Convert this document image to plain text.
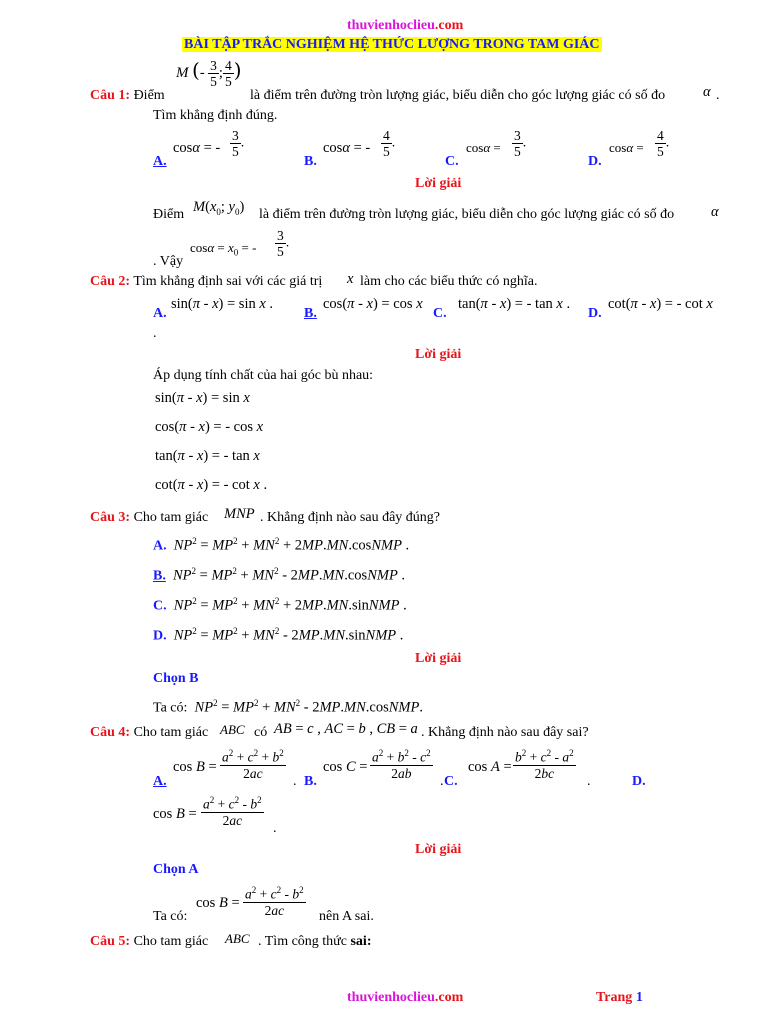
thuvienhoclieu.com
BÀI TẬP TRẮC NGHIỆM HỆ THỨC LƯỢNG TRONG TAM GIÁC
M (- $\frac{3}{5}$ ; $\frac{4}{5}$ )
Câu 1: Điểm	là điểm trên đường tròn lượng giác, biểu diễn cho góc lượng giác có số đo	α .
Tìm khẳng định đúng.
A.
cosα = - $\frac{3}{5}$ .
B.
cosα = - $\frac{4}{5}$ .
C.
$\cos\alpha = \frac{3}{5}$ .
D.
$\cos\alpha = \frac{4}{5}$ .
Lời giải
Điểm $M(x_0$; $y_0$) là điểm trên đường tròn lượng giác, biểu diễn cho góc lượng giác có số đo	α
. Vậy
$\cos\alpha = x_0$ = - $\frac{3}{5}$ .
Câu 2: Tìm khẳng định sai với các giá trị x làm cho các biểu thức có nghĩa.
A.
sin(π - x) = sin x .
B.
cos(π - x) = cos x
C.
tan(π - x) = - tan x .
D.
cot(π - x) = - cot x
.
Lời giải
Áp dụng tính chất của hai góc bù nhau:
sin(π - x) = sin x
cos(π - x) = - cos x
tan(π - x) = - tan x
cot(π - x) = - cot x .
Câu 3: Cho tam giác MNP . Khẳng định nào sau đây đúng?
A.  $NP^2 = MP^2 + MN^2$ + 2MP.MN.cosNMP .
B.  $NP^2 = MP^2 + MN^2$ - 2MP.MN.cosNMP .
C.  $NP^2 = MP^2 + MN^2$ + 2MP.MN.sinNMP .
D.  $NP^2 = MP^2 + MN^2$ - 2MP.MN.sinNMP .
Lời giải
Chọn B
Ta có:  $NP^2 = MP^2 + MN^2$ - 2MP.MN.cosNMP.
Câu 4: Cho tam giác ABC có AB = c , AC = b , CB = a . Khẳng định nào sau đây sai?
A.
$\cos B = \frac{a^2 + c^2 + b^2}{2ac}$
. B.
$\cos C = \frac{a^2 + b^2 - c^2}{2ab}$
C.
.
$\cos A = \frac{b^2 + c^2 - a^2}{2bc}$
.	D.
$\cos B = \frac{a^2 + c^2 - b^2}{2ac}$
.
Lời giải
Chọn A
Ta có:
$\cos B = \frac{a^2 + c^2 - b^2}{2ac}$ nên A sai.
Câu 5: Cho tam giác ABC . Tìm công thức sai:
thuvienhoclieu.com	Trang 1
